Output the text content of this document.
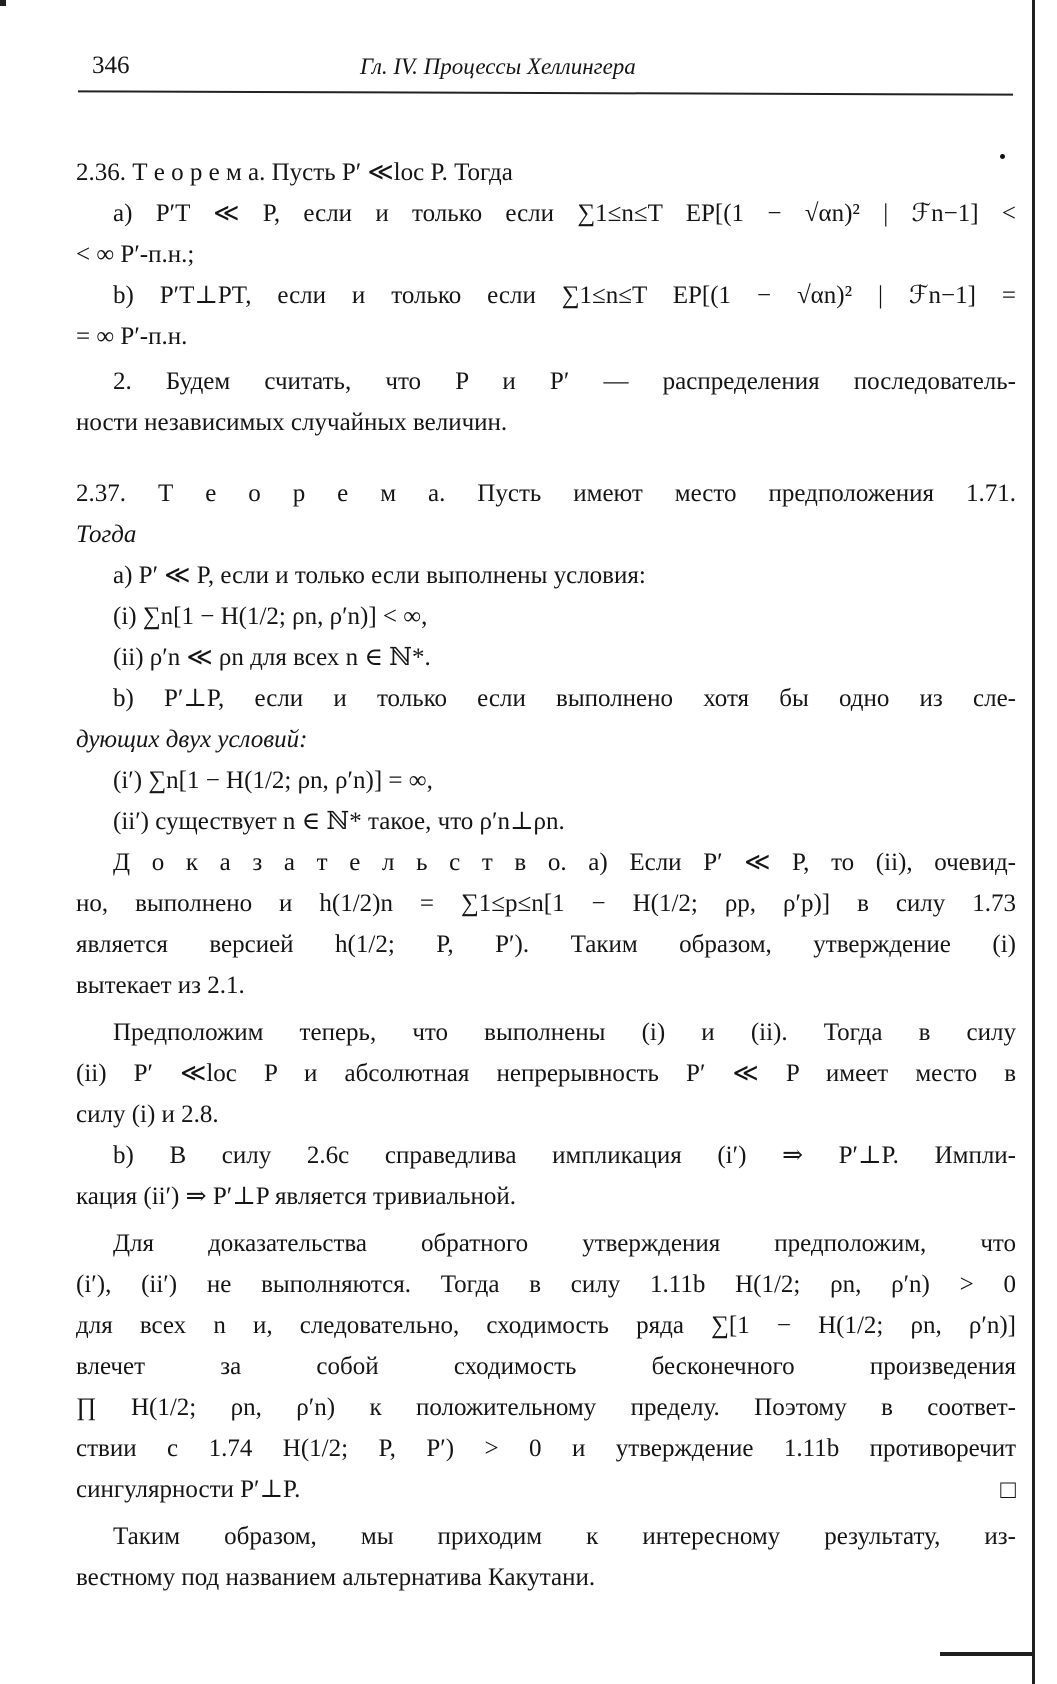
346	Гл. IV. Процессы Хеллингера

2.36. Т е о р е м а. Пусть P′ ≪loc P. Тогда

a) P′T ≪ P, если и только если ∑1≤n≤T EP[(1 − √αn)² | ℱn−1] <

< ∞ P′-п.н.;

b) P′T⊥PT, если и только если ∑1≤n≤T EP[(1 − √αn)² | ℱn−1] =

= ∞ P′-п.н.

2. Будем считать, что P и P′ — распределения последователь-

ности независимых случайных величин.

2.37. Т е о р е м а. Пусть имеют место предположения 1.71.

Тогда

a) P′ ≪ P, если и только если выполнены условия:

(i) ∑n[1 − H(1/2; ρn, ρ′n)] < ∞,

(ii) ρ′n ≪ ρn для всех n ∈ ℕ*.

b) P′⊥P, если и только если выполнено хотя бы одно из сле-

дующих двух условий:

(i′) ∑n[1 − H(1/2; ρn, ρ′n)] = ∞,

(ii′) существует n ∈ ℕ* такое, что ρ′n⊥ρn.

Д о к а з а т е л ь с т в о. a) Если P′ ≪ P, то (ii), очевид-

но, выполнено и h(1/2)n = ∑1≤p≤n[1 − H(1/2; ρp, ρ′p)] в силу 1.73

является версией h(1/2; P, P′). Таким образом, утверждение (i)

вытекает из 2.1.

Предположим теперь, что выполнены (i) и (ii). Тогда в силу

(ii) P′ ≪loc P и абсолютная непрерывность P′ ≪ P имеет место в

силу (i) и 2.8.

b) В силу 2.6c справедлива импликация (i′) ⇒ P′⊥P. Импли-

кация (ii′) ⇒ P′⊥P является тривиальной.

Для доказательства обратного утверждения предположим, что

(i′), (ii′) не выполняются. Тогда в силу 1.11b H(1/2; ρn, ρ′n) > 0

для всех n и, следовательно, сходимость ряда ∑[1 − H(1/2; ρn, ρ′n)]

влечет за собой сходимость бесконечного произведения

∏ H(1/2; ρn, ρ′n) к положительному пределу. Поэтому в соответ-

ствии с 1.74 H(1/2; P, P′) > 0 и утверждение 1.11b противоречит

сингулярности P′⊥P.	□

Таким образом, мы приходим к интересному результату, из-

вестному под названием альтернатива Какутани.
